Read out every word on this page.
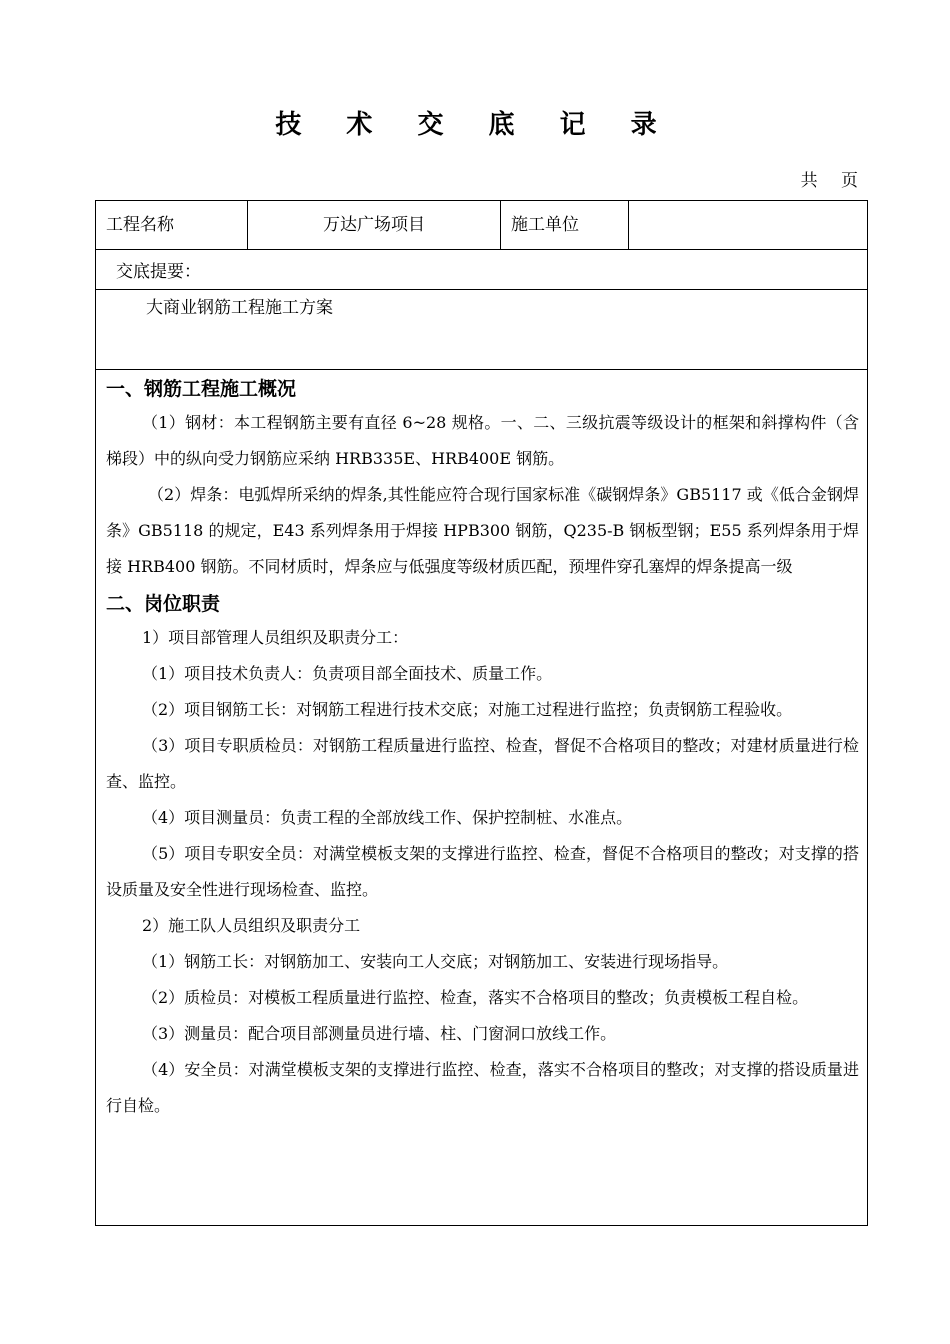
技 术 交 底 记 录
共 页
工程名称	万达广场项目	施工单位
交底提要：
大商业钢筋工程施工方案
一、钢筋工程施工概况
（1）钢材：本工程钢筋主要有直径 6~28 规格。一、二、三级抗震等级设计的框架和斜撑构件（含梯段）中的纵向受力钢筋应采纳 HRB335E、HRB400E 钢筋。
（2）焊条：电弧焊所采纳的焊条,其性能应符合现行国家标准《碳钢焊条》GB5117 或《低合金钢焊条》GB5118 的规定，E43 系列焊条用于焊接 HPB300 钢筋，Q235-B 钢板型钢；E55 系列焊条用于焊接 HRB400 钢筋。不同材质时，焊条应与低强度等级材质匹配，预埋件穿孔塞焊的焊条提高一级
二、岗位职责
1）项目部管理人员组织及职责分工：
（1）项目技术负责人：负责项目部全面技术、质量工作。
（2）项目钢筋工长：对钢筋工程进行技术交底；对施工过程进行监控；负责钢筋工程验收。
（3）项目专职质检员：对钢筋工程质量进行监控、检查，督促不合格项目的整改；对建材质量进行检查、监控。
（4）项目测量员：负责工程的全部放线工作、保护控制桩、水准点。
（5）项目专职安全员：对满堂模板支架的支撑进行监控、检查，督促不合格项目的整改；对支撑的搭设质量及安全性进行现场检查、监控。
2）施工队人员组织及职责分工
（1）钢筋工长：对钢筋加工、安装向工人交底；对钢筋加工、安装进行现场指导。
（2）质检员：对模板工程质量进行监控、检查，落实不合格项目的整改；负责模板工程自检。
（3）测量员：配合项目部测量员进行墙、柱、门窗洞口放线工作。
（4）安全员：对满堂模板支架的支撑进行监控、检查，落实不合格项目的整改；对支撑的搭设质量进行自检。
